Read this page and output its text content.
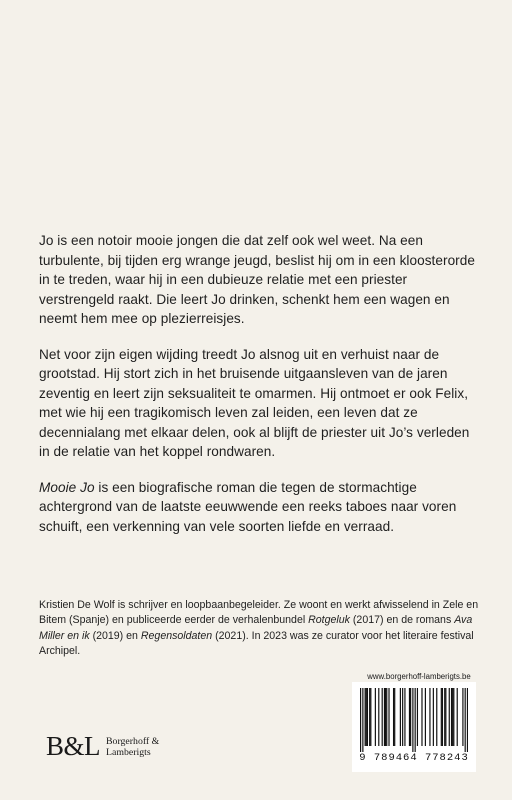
Jo is een notoir mooie jongen die dat zelf ook wel weet. Na een turbulente, bij tijden erg wrange jeugd, beslist hij om in een kloosterorde in te treden, waar hij in een dubieuze relatie met een priester verstrengeld raakt. Die leert Jo drinken, schenkt hem een wagen en neemt hem mee op plezierreisjes.

Net voor zijn eigen wijding treedt Jo alsnog uit en verhuist naar de grootstad. Hij stort zich in het bruisende uitgaansleven van de jaren zeventig en leert zijn seksualiteit te omarmen. Hij ontmoet er ook Felix, met wie hij een tragikomisch leven zal leiden, een leven dat ze decennialang met elkaar delen, ook al blijft de priester uit Jo’s verleden in de relatie van het koppel rondwaren.

Mooie Jo is een biografische roman die tegen de stormachtige achtergrond van de laatste eeuwwende een reeks taboes naar voren schuift, een verkenning van vele soorten liefde en verraad.

Kristien De Wolf is schrijver en loopbaanbegeleider. Ze woont en werkt afwisselend in Zele en Bitem (Spanje) en publiceerde eerder de verhalenbundel Rotgeluk (2017) en de romans Ava Miller en ik (2019) en Regensoldaten (2021). In 2023 was ze curator voor het literaire festival Archipel.
B&L Borgerhoff &
Lamberigts
www.borgerhoff-lamberigts.be
9 789464 778243
